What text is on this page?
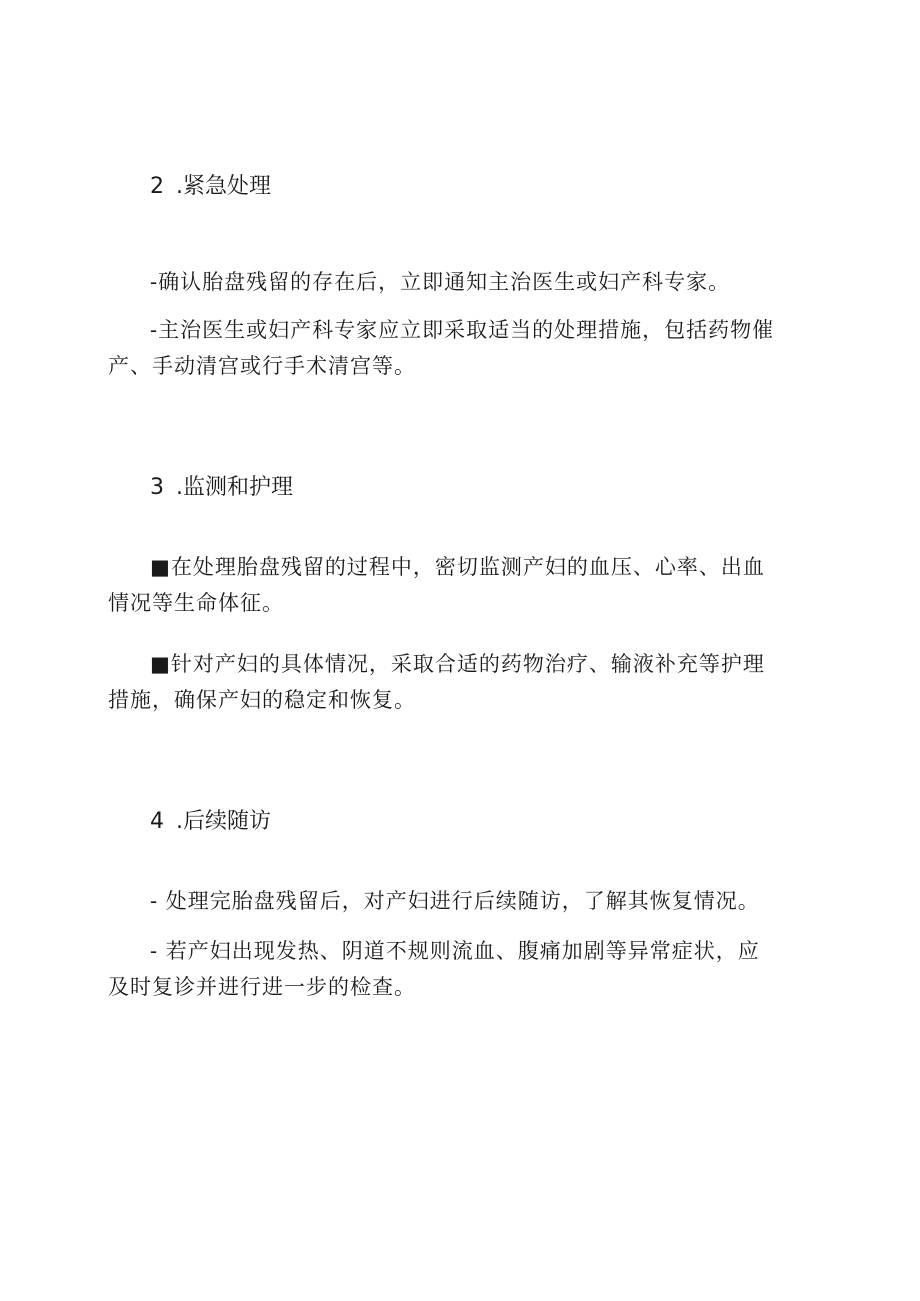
2 .紧急处理
-确认胎盘残留的存在后，立即通知主治医生或妇产科专家。
-主治医生或妇产科专家应立即采取适当的处理措施，包括药物催
产、手动清宫或行手术清宫等。
3 .监测和护理
■在处理胎盘残留的过程中，密切监测产妇的血压、心率、出血
情况等生命体征。
■针对产妇的具体情况，采取合适的药物治疗、输液补充等护理
措施，确保产妇的稳定和恢复。
4 .后续随访
- 处理完胎盘残留后，对产妇进行后续随访，了解其恢复情况。
- 若产妇出现发热、阴道不规则流血、腹痛加剧等异常症状，应
及时复诊并进行进一步的检查。
